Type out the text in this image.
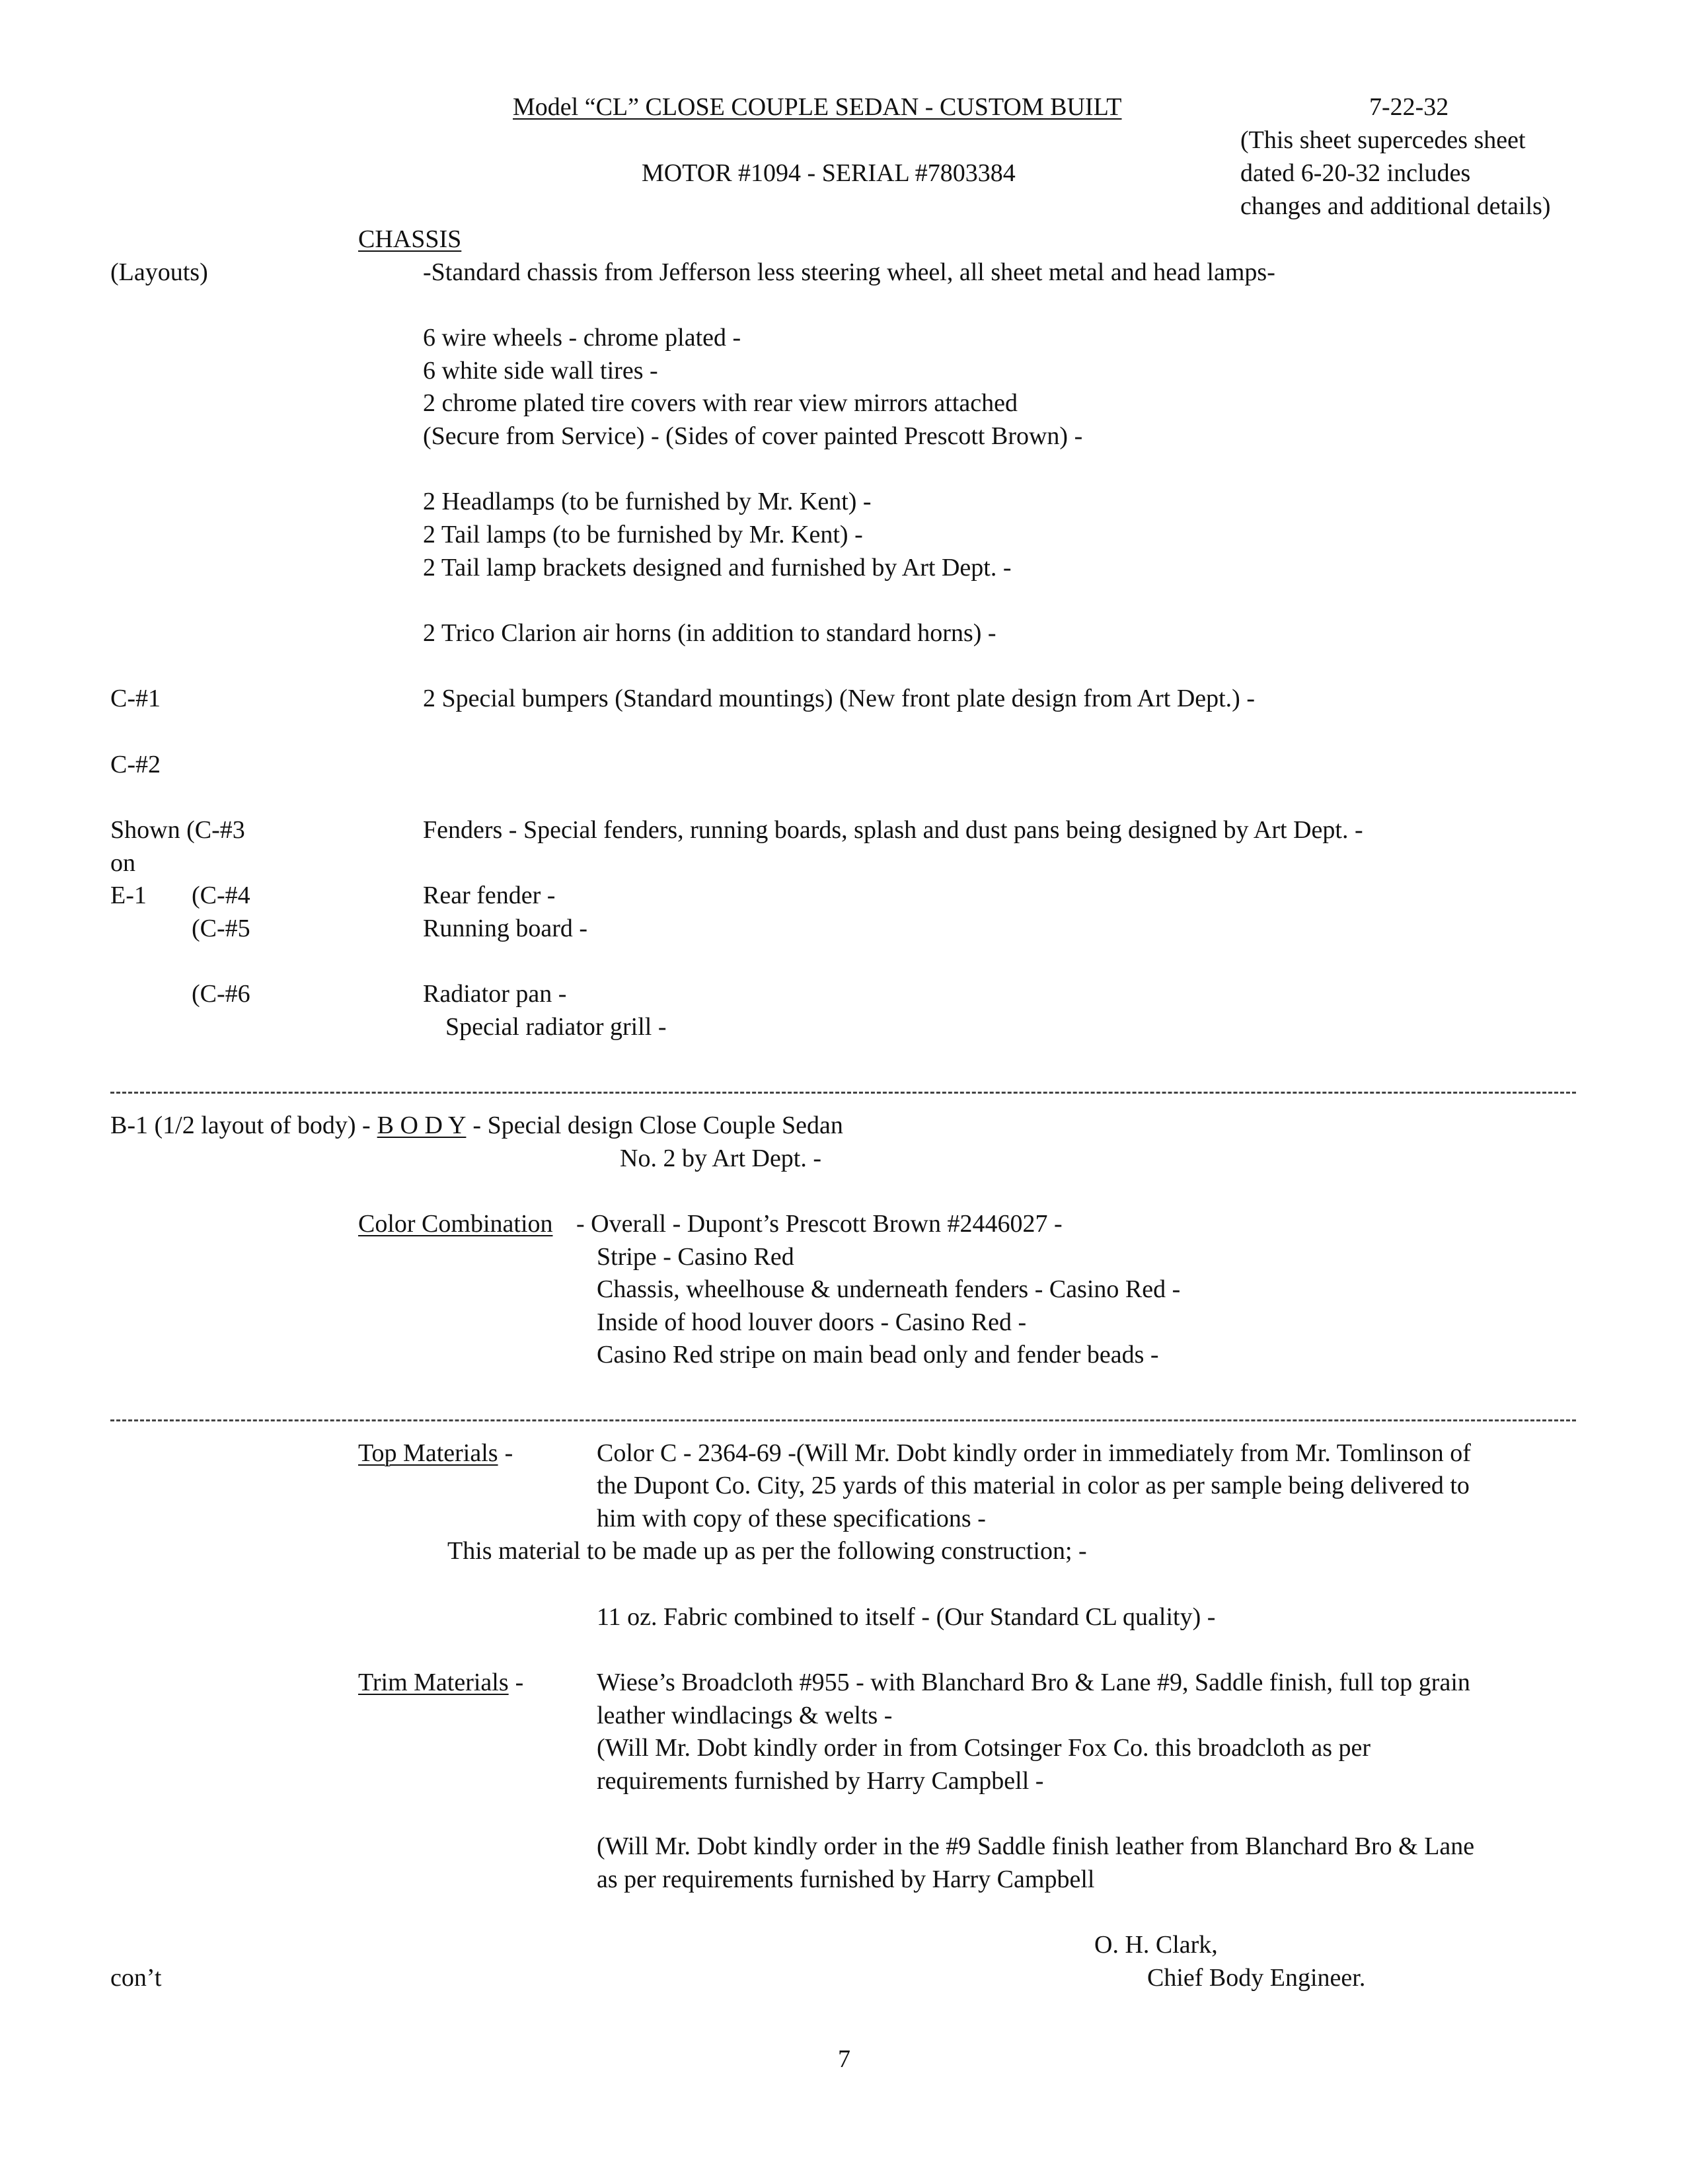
Model “CL” CLOSE COUPLE SEDAN - CUSTOM BUILT	7-22-32
(This sheet supercedes sheet
MOTOR #1094 - SERIAL #7803384	dated 6-20-32 includes
changes and additional details)
CHASSIS
(Layouts)	-Standard chassis from Jefferson less steering wheel, all sheet metal and head lamps-
6 wire wheels - chrome plated -
6 white side wall tires -
2 chrome plated tire covers with rear view mirrors attached
(Secure from Service) - (Sides of cover painted Prescott Brown) -
2 Headlamps (to be furnished by Mr. Kent) -
2 Tail lamps (to be furnished by Mr. Kent) -
2 Tail lamp brackets designed and furnished by Art Dept. -
2 Trico Clarion air horns (in addition to standard horns) -
C-#1	2 Special bumpers (Standard mountings) (New front plate design from Art Dept.) -
C-#2
Shown (C-#3	Fenders - Special fenders, running boards, splash and dust pans being designed by Art Dept. -
on
E-1 (C-#4	Rear fender -
(C-#5	Running board -
(C-#6	Radiator pan -
Special radiator grill -
B-1 (1/2 layout of body) - B O D Y - Special design Close Couple Sedan
No. 2 by Art Dept. -
Color Combination - Overall - Dupont’s Prescott Brown #2446027 -
Stripe - Casino Red
Chassis, wheelhouse & underneath fenders - Casino Red -
Inside of hood louver doors - Casino Red -
Casino Red stripe on main bead only and fender beads -
Top Materials -	Color C - 2364-69 -(Will Mr. Dobt kindly order in immediately from Mr. Tomlinson of
the Dupont Co. City, 25 yards of this material in color as per sample being delivered to
him with copy of these specifications -
This material to be made up as per the following construction; -
11 oz. Fabric combined to itself - (Our Standard CL quality) -
Trim Materials -	Wiese’s Broadcloth #955 - with Blanchard Bro & Lane #9, Saddle finish, full top grain
leather windlacings & welts -
(Will Mr. Dobt kindly order in from Cotsinger Fox Co. this broadcloth as per
requirements furnished by Harry Campbell -
(Will Mr. Dobt kindly order in the #9 Saddle finish leather from Blanchard Bro & Lane
as per requirements furnished by Harry Campbell
O. H. Clark,
con’t	Chief Body Engineer.
7
